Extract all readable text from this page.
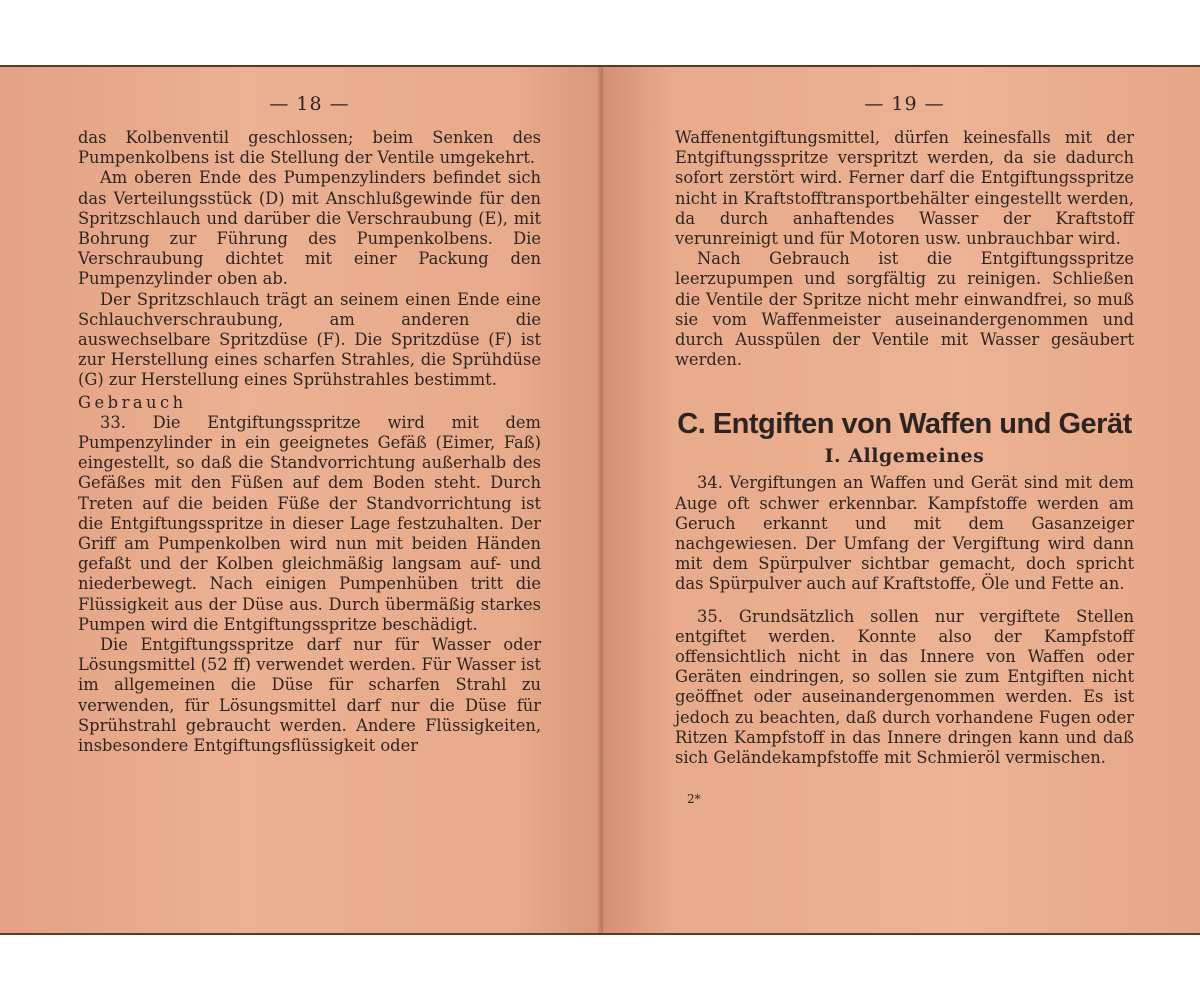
— 18 —

das Kolbenventil geschlossen; beim Senken des Pumpenkolbens ist die Stellung der Ventile umgekehrt.

Am oberen Ende des Pumpenzylinders befindet sich das Verteilungsstück (D) mit Anschlußgewinde für den Spritzschlauch und darüber die Verschraubung (E), mit Bohrung zur Führung des Pumpenkolbens. Die Verschraubung dichtet mit einer Packung den Pumpenzylinder oben ab.

Der Spritzschlauch trägt an seinem einen Ende eine Schlauchverschraubung, am anderen die auswechselbare Spritzdüse (F). Die Spritzdüse (F) ist zur Herstellung eines scharfen Strahles, die Sprühdüse (G) zur Herstellung eines Sprühstrahles bestimmt.

Gebrauch

33. Die Entgiftungsspritze wird mit dem Pumpenzylinder in ein geeignetes Gefäß (Eimer, Faß) eingestellt, so daß die Standvorrichtung außerhalb des Gefäßes mit den Füßen auf dem Boden steht. Durch Treten auf die beiden Füße der Standvorrichtung ist die Entgiftungsspritze in dieser Lage festzuhalten. Der Griff am Pumpenkolben wird nun mit beiden Händen gefaßt und der Kolben gleichmäßig langsam auf- und niederbewegt. Nach einigen Pumpenhüben tritt die Flüssigkeit aus der Düse aus. Durch übermäßig starkes Pumpen wird die Entgiftungsspritze beschädigt.

Die Entgiftungsspritze darf nur für Wasser oder Lösungsmittel (52 ff) verwendet werden. Für Wasser ist im allgemeinen die Düse für scharfen Strahl zu verwenden, für Lösungsmittel darf nur die Düse für Sprühstrahl gebraucht werden. Andere Flüssigkeiten, insbesondere Entgiftungsflüssigkeit oder

— 19 —

Waffenentgiftungsmittel, dürfen keinesfalls mit der Entgiftungsspritze verspritzt werden, da sie dadurch sofort zerstört wird. Ferner darf die Entgiftungsspritze nicht in Kraftstofftransportbehälter eingestellt werden, da durch anhaftendes Wasser der Kraftstoff verunreinigt und für Motoren usw. unbrauchbar wird.

Nach Gebrauch ist die Entgiftungsspritze leerzupumpen und sorgfältig zu reinigen. Schließen die Ventile der Spritze nicht mehr einwandfrei, so muß sie vom Waffenmeister auseinandergenommen und durch Ausspülen der Ventile mit Wasser gesäubert werden.

C. Entgiften von Waffen und Gerät
I. Allgemeines

34. Vergiftungen an Waffen und Gerät sind mit dem Auge oft schwer erkennbar. Kampfstoffe werden am Geruch erkannt und mit dem Gasanzeiger nachgewiesen. Der Umfang der Vergiftung wird dann mit dem Spürpulver sichtbar gemacht, doch spricht das Spürpulver auch auf Kraftstoffe, Öle und Fette an.

35. Grundsätzlich sollen nur vergiftete Stellen entgiftet werden. Konnte also der Kampfstoff offensichtlich nicht in das Innere von Waffen oder Geräten eindringen, so sollen sie zum Entgiften nicht geöffnet oder auseinandergenommen werden. Es ist jedoch zu beachten, daß durch vorhandene Fugen oder Ritzen Kampfstoff in das Innere dringen kann und daß sich Geländekampfstoffe mit Schmieröl vermischen.

2*
